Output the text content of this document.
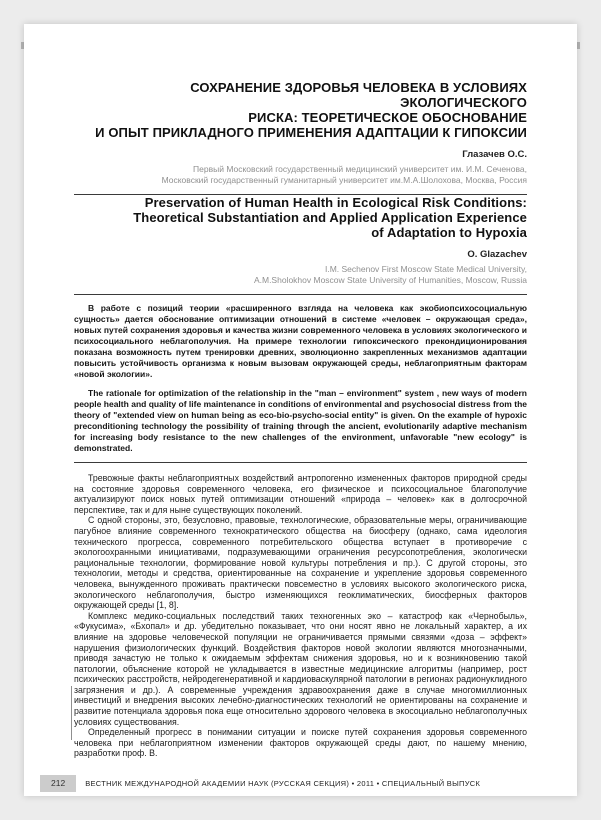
СОХРАНЕНИЕ ЗДОРОВЬЯ ЧЕЛОВЕКА В УСЛОВИЯХ ЭКОЛОГИЧЕСКОГО
РИСКА: ТЕОРЕТИЧЕСКОЕ ОБОСНОВАНИЕ
И ОПЫТ ПРИКЛАДНОГО ПРИМЕНЕНИЯ АДАПТАЦИИ К ГИПОКСИИ
Глазачев О.С.
Первый Московский государственный медицинский университет им. И.М. Сеченова,
Московский государственный гуманитарный университет им.М.А.Шолохова, Москва, Россия
Preservation of Human Health in Ecological Risk Conditions:
Theoretical Substantiation and Applied Application Experience
of Adaptation to Hypoxia
O. Glazachev
I.M. Sechenov First Moscow State Medical University,
A.M.Sholokhov Moscow State University of Humanities, Moscow, Russia

В работе с позиций теории «расширенного взгляда на человека как экобиопсихосоциальную сущность» дается обоснование оптимизации отношений в системе «человек – окружающая среда», новых путей сохранения здоровья и качества жизни современного человека в условиях экологического и психосоциального неблагополучия. На примере технологии гипоксического прекондиционирования показана возможность путем тренировки древних, эволюционно закрепленных механизмов адаптации повысить устойчивость организма к новым вызовам окружающей среды, неблагоприятным факторам «новой экологии».

The rationale for optimization of the relationship in the "man – environment" system , new ways of modern people health and quality of life maintenance in conditions of environmental and psychosocial distress from the theory of "extended view on human being as eco-bio-psycho-social entity" is given. On the example of hypoxic preconditioning technology the possibility of training through the ancient, evolutionarily adaptive mechanism for increasing body resistance to the new challenges of the environment, unfavorable "new ecology" is demonstrated.

Тревожные факты неблагоприятных воздействий антропогенно измененных факторов природной среды на состояние здоровья современного человека, его физическое и психосоциальное благополучие актуализируют поиск новых путей оптимизации отношений «природа – человек» как в долгосрочной перспективе, так и для ныне существующих поколений.

С одной стороны, это, безусловно, правовые, технологические, образовательные меры, ограничивающие пагубное влияние современного технократического общества на биосферу (однако, сама идеология технического прогресса, современного потребительского общества вступает в противоречие с экологоохранными инициативами, подразумевающими ограничения ресурсопотребления, экологически рациональные технологии, формирование новой культуры потребления и пр.). С другой стороны, это технологии, методы и средства, ориентированные на сохранение и укрепление здоровья современного человека, вынужденного проживать практически повсеместно в условиях высокого экологического риска, экологического неблагополучия, быстро изменяющихся геоклиматических, биосферных факторов окружающей среды [1, 8].

Комплекс медико-социальных последствий таких техногенных эко – катастроф как «Чернобыль», «Фукусима», «Бхопал» и др. убедительно показывает, что они носят явно не локальный характер, а их влияние на здоровье человеческой популяции не ограничивается прямыми связями «доза – эффект» нарушения физиологических функций. Воздействия факторов новой экологии являются многозначными, приводя зачастую не только к ожидаемым эффектам снижения здоровья, но и к возникновению такой патологии, объяснение которой не укладывается в известные медицинские алгоритмы (например, рост психических расстройств, нейродегенеративной и кардиоваскулярной патологии в регионах радионуклидного загрязнения и др.). А современные учреждения здравоохранения даже в случае многомиллионных инвестиций и внедрения высоких лечебно-диагностических технологий не ориентированы на сохранение и развитие потенциала здоровья пока еще относительно здорового человека в экосоциально неблагополучных условиях существования.

Определенный прогресс в понимании ситуации и поиске путей сохранения здоровья современного человека при неблагоприятном изменении факторов окружающей среды дают, по нашему мнению, разработки проф. В.

212	ВЕСТНИК МЕЖДУНАРОДНОЙ АКАДЕМИИ НАУК (РУССКАЯ СЕКЦИЯ) • 2011 • СПЕЦИАЛЬНЫЙ ВЫПУСК
